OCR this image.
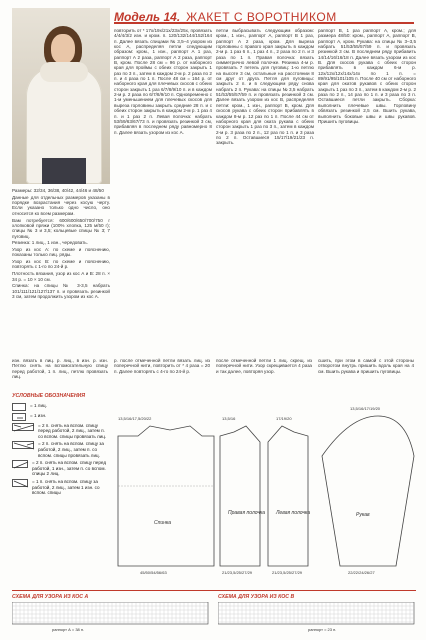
Модель 14. ЖАКЕТ С ВОРОТНИКОМ

Размеры: 32/34, 36/38, 40/42, 44/46 и 48/50

Данные для отдельных размеров указаны в порядке возрастания через косую черту. Если указано только одно число, оно относится ко всем размерам.

Вам потребуется: 600/600/650/700/750 г хлопковой пряжи (100% хлопка, 125 м/50 г); спицы № 3 и 3,5; кольцевые спицы № 3; 7 пуговиц.

Резинка: 1 лиц., 1 изн., чередовать.

Узор из кос А: по схеме и пояснению, показаны только лиц. ряды.

Узор из кос В: по схеме и пояснению, повторять с 1-го по 24-й р.

Плотность вязания, узор из кос А и В: 28 п. × 34 р. = 10 × 10 см.

Спинка: на спицы № 3-3,5 набрать 101/111/121/127/137 п. и провязать резинкой 3 см, затем продолжить узором из кос А.

повторить от * 17x/19x/21x/23x/25x, провязать 4/4/4/3/2 изн. и кром. п. 120/132/144/152/164 п. Далее вязать спицами № 3,5–4 узором из кос А, распределяя петли следующим образом: кром., 1 изн., раппорт А 1 раз, раппорт А 2 раза, раппорт А 2 раза, раппорт В, кром. После 28 см = 96 р. от наборного края для проймы с обеих сторон закрыть 1 раз по 3 п., затем в каждом 2-м р. 2 раза по 2 п. и 4 раза по 1 п. После 48 см = 164 р. от наборного края для плечевых скосов с обеих сторон закрыть 1 раз 6/7/8/9/10 п. и в каждом 2-м р. 2 раза по 6/7/8/9/10 п. Одновременно с 1-м уменьшением для плечевых скосов для выреза горловины закрыть средние 28 п. и с обеих сторон закрыть в каждом 2-м р. 1 раз 4 п. и 1 раз 2 п. Левая полочка: набрать 53/59/63/67/73 п. и провязать резинкой 3 см, прибавляя в последнем ряду равномерно 8 п. Далее вязать узором из кос А.

петли выбрасывать следующим образом: кром., 1 изн., раппорт А, раппорт В 1 раз, раппорт А 2 раза, кром. Для выреза горловины с правого края закрыть в каждом 2-м р. 1 раз 6 п., 1 раз 4 п., 2 раза по 2 п. и 3 раза по 1 п. Правая полочка: вязать симметрично левой полочке. Резинка 4-м р. провязать 7 петель для пуговиц: 1-ю петлю на высоте 3 см, остальные на расстоянии 8 см друг от друга. Петля для пуговицы: закрыть 2 п. и в следующем ряду снова набрать 2 п. Рукава: на спицы № 3,5 набрать 51/53/55/57/59 п. и провязать резинкой 3 см. Далее вязать узором из кос В, распределяя петли: кром., 1 изн., раппорт В, кром. Для скосов рукава с обеих сторон прибавлять в каждом 8-м р. 12 раз по 1 п. После 44 см от наборного края для оката рукава с обеих сторон закрыть 1 раз по 3 п., затем в каждом 2-м р. 3 раза по 2 п., 12 раз по 1 п. и 3 раза по 2 п. Оставшиеся 15/17/19/21/23 п. закрыть.

раппорт В, 1 раз раппорт А, кром.; для размера 48/50: кром., раппорт А, раппорт В, раппорт А, кром. Рукава: на спицы № 3–3,5 набрать 51/53/55/57/59 п. и провязать резинкой 3 см. В последнем ряду прибавить 14/14/16/16/18 п. Далее вязать узором из кос В. Для скосов рукава с обеих сторон прибавлять в каждом 6-м р. 12x/12x/12x/14x/14x по 1 п. = 89/91/95/101/105 п. После 40 см от наборного края для окатов рукавов с обеих сторон закрыть 1 раз по 3 п., затем в каждом 2-м р. 2 раза по 2 п., 14 раз по 1 п. и 3 раза по 3 п. Оставшиеся петли закрыть. Сборка: выполнить плечевые швы. Горловину обвязать резинкой 2,5 см. Вшить рукава, выполнить боковые швы и швы рукавов. Пришить пуговицы.

изн. вязать в лиц. р. лиц., в изн. р. изн. Петлю снять на вспомогательную спицу перед работой, 1 п. лиц., петлю провязать лиц.
р. после отмеченной петли вязать лиц. из поперечной нити, повторить от * 4 раза = 20 п. Далее повторять с 4-го по 24-й р.
после отмеченной петли 1 лиц. скрещ. из поперечной нити. Узор скрещивается 4 раза и так далее, повторяя узор.
сшить, при этом в самой с этой стороны отворотом внутрь пришить вдоль края на 4 см. Вшить рукава и пришить пуговицы.
УСЛОВНЫЕ ОБОЗНАЧЕНИЯ
= 1 лиц.
= 1 изн.
= 2 п. снять на вспом. спицу перед работой, 2 лиц., затем п. со вспом. спицы провязать лиц.
= 2 п. снять на вспом. спицу за работой, 2 лиц., затем п. со вспом. спицы провязать лиц.
= 2 п. снять на вспом. спицу перед работой, 1 изн., затем п. со вспом. спицы 2 лиц.
= 1 п. снять на вспом. спицу за работой, 2 лиц., затем 1 изн. со вспом. спицы
Спинка
13,5/16/17,5/20/22
45/50/54/56/63
Правая полочка
13,5/16
21/23,5/25/27/29
Левая полочка
17/19/20
21/23,5/25/27/29
Рукав
13,5/16/17/19/20
22/22/24/26/27
СХЕМА ДЛЯ УЗОРА ИЗ КОС А	СХЕМА ДЛЯ УЗОРА ИЗ КОС В
раппорт А = 38 п.	раппорт = 23 п.
